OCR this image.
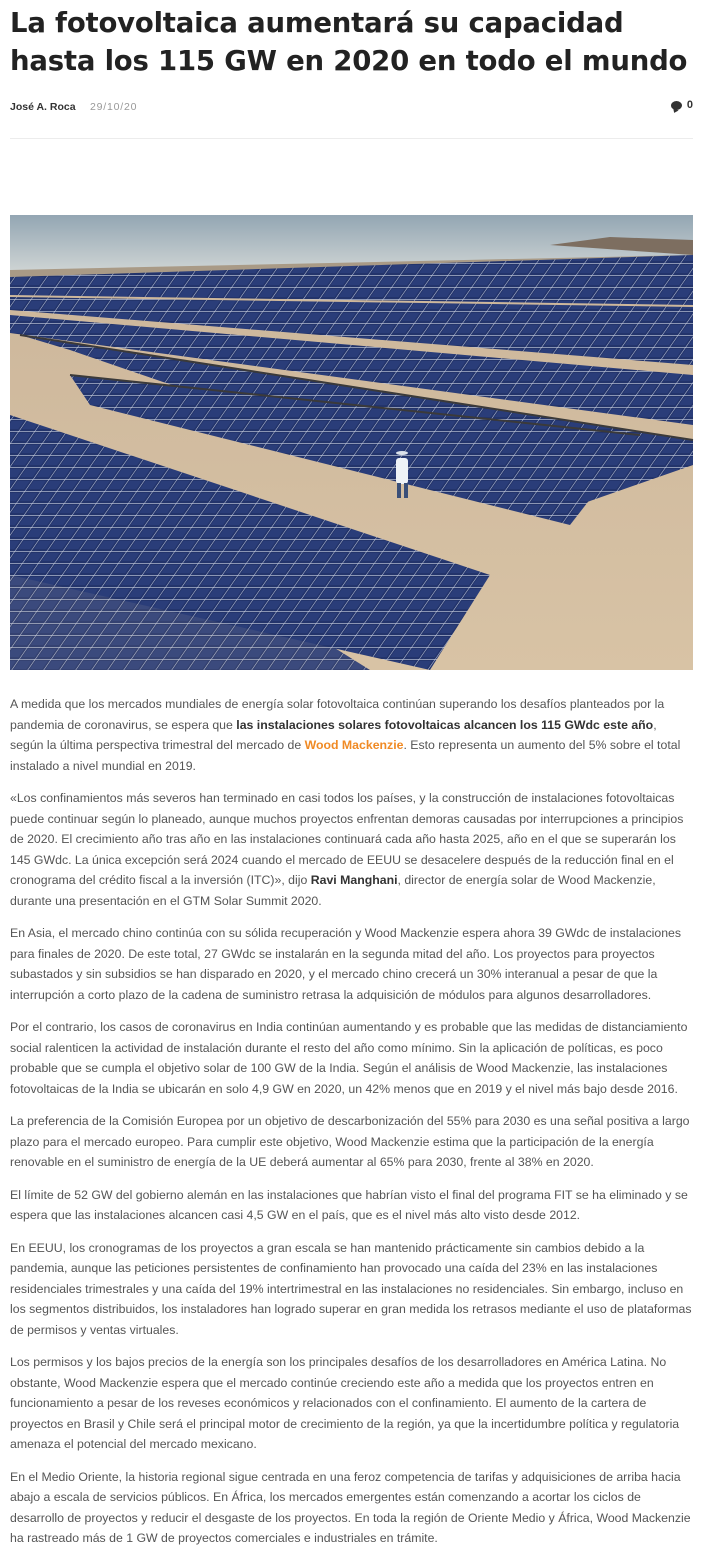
La fotovoltaica aumentará su capacidad hasta los 115 GW en 2020 en todo el mundo
José A. Roca 29/10/20	0

A medida que los mercados mundiales de energía solar fotovoltaica continúan superando los desafíos planteados por la pandemia de coronavirus, se espera que las instalaciones solares fotovoltaicas alcancen los 115 GWdc este año, según la última perspectiva trimestral del mercado de Wood Mackenzie. Esto representa un aumento del 5% sobre el total instalado a nivel mundial en 2019.

«Los confinamientos más severos han terminado en casi todos los países, y la construcción de instalaciones fotovoltaicas puede continuar según lo planeado, aunque muchos proyectos enfrentan demoras causadas por interrupciones a principios de 2020. El crecimiento año tras año en las instalaciones continuará cada año hasta 2025, año en el que se superarán los 145 GWdc. La única excepción será 2024 cuando el mercado de EEUU se desacelere después de la reducción final en el cronograma del crédito fiscal a la inversión (ITC)», dijo Ravi Manghani, director de energía solar de Wood Mackenzie, durante una presentación en el GTM Solar Summit 2020.

En Asia, el mercado chino continúa con su sólida recuperación y Wood Mackenzie espera ahora 39 GWdc de instalaciones para finales de 2020. De este total, 27 GWdc se instalarán en la segunda mitad del año. Los proyectos para proyectos subastados y sin subsidios se han disparado en 2020, y el mercado chino crecerá un 30% interanual a pesar de que la interrupción a corto plazo de la cadena de suministro retrasa la adquisición de módulos para algunos desarrolladores.

Por el contrario, los casos de coronavirus en India continúan aumentando y es probable que las medidas de distanciamiento social ralenticen la actividad de instalación durante el resto del año como mínimo. Sin la aplicación de políticas, es poco probable que se cumpla el objetivo solar de 100 GW de la India. Según el análisis de Wood Mackenzie, las instalaciones fotovoltaicas de la India se ubicarán en solo 4,9 GW en 2020, un 42% menos que en 2019 y el nivel más bajo desde 2016.

La preferencia de la Comisión Europea por un objetivo de descarbonización del 55% para 2030 es una señal positiva a largo plazo para el mercado europeo. Para cumplir este objetivo, Wood Mackenzie estima que la participación de la energía renovable en el suministro de energía de la UE deberá aumentar al 65% para 2030, frente al 38% en 2020.

El límite de 52 GW del gobierno alemán en las instalaciones que habrían visto el final del programa FIT se ha eliminado y se espera que las instalaciones alcancen casi 4,5 GW en el país, que es el nivel más alto visto desde 2012.

En EEUU, los cronogramas de los proyectos a gran escala se han mantenido prácticamente sin cambios debido a la pandemia, aunque las peticiones persistentes de confinamiento han provocado una caída del 23% en las instalaciones residenciales trimestrales y una caída del 19% intertrimestral en las instalaciones no residenciales. Sin embargo, incluso en los segmentos distribuidos, los instaladores han logrado superar en gran medida los retrasos mediante el uso de plataformas de permisos y ventas virtuales.

Los permisos y los bajos precios de la energía son los principales desafíos de los desarrolladores en América Latina. No obstante, Wood Mackenzie espera que el mercado continúe creciendo este año a medida que los proyectos entren en funcionamiento a pesar de los reveses económicos y relacionados con el confinamiento. El aumento de la cartera de proyectos en Brasil y Chile será el principal motor de crecimiento de la región, ya que la incertidumbre política y regulatoria amenaza el potencial del mercado mexicano.

En el Medio Oriente, la historia regional sigue centrada en una feroz competencia de tarifas y adquisiciones de arriba hacia abajo a escala de servicios públicos. En África, los mercados emergentes están comenzando a acortar los ciclos de desarrollo de proyectos y reducir el desgaste de los proyectos. En toda la región de Oriente Medio y África, Wood Mackenzie ha rastreado más de 1 GW de proyectos comerciales e industriales en trámite.
